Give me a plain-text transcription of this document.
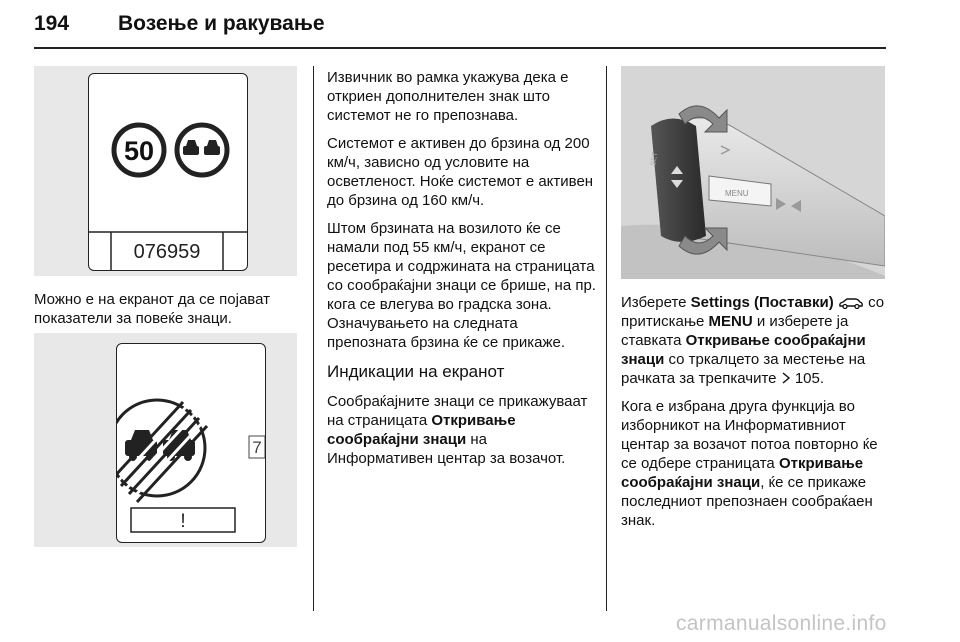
194 Возење и ракување
50
076959

Можно е на екранот да се појават показатели за повеќе знаци.

7
!

Извичник во рамка укажува дека е откриен дополнителен знак што системот не го препознава.

Системот е активен до брзина од 200 км/ч, зависно од условите на осветленост. Ноќе системот е активен до брзина од 160 км/ч.

Штом брзината на возилото ќе се намали под 55 км/ч, екранот се ресетира и содржината на страницата со сообраќајни знаци се брише, на пр. кога се влегува во градска зона. Означувањето на следната препозната брзина ќе се прикаже.

Индикации на екранот

Сообраќајните знаци се прикажуваат на страницата Откривање сообраќајни знаци на Информативен центар за возачот.

MENU
SET

Изберете Settings (Поставки) со притискање MENU и изберете ја ставката Откривање сообраќајни знаци со тркалцето за местење на рачката за трепкачите 105.

Кога е избрана друга функција во изборникот на Информативниот центар за возачот потоа повторно ќе се одбере страницата Откривање сообраќајни знаци, ќе се прикаже последниот препознаен сообраќаен знак.

carmanualsonline.info
